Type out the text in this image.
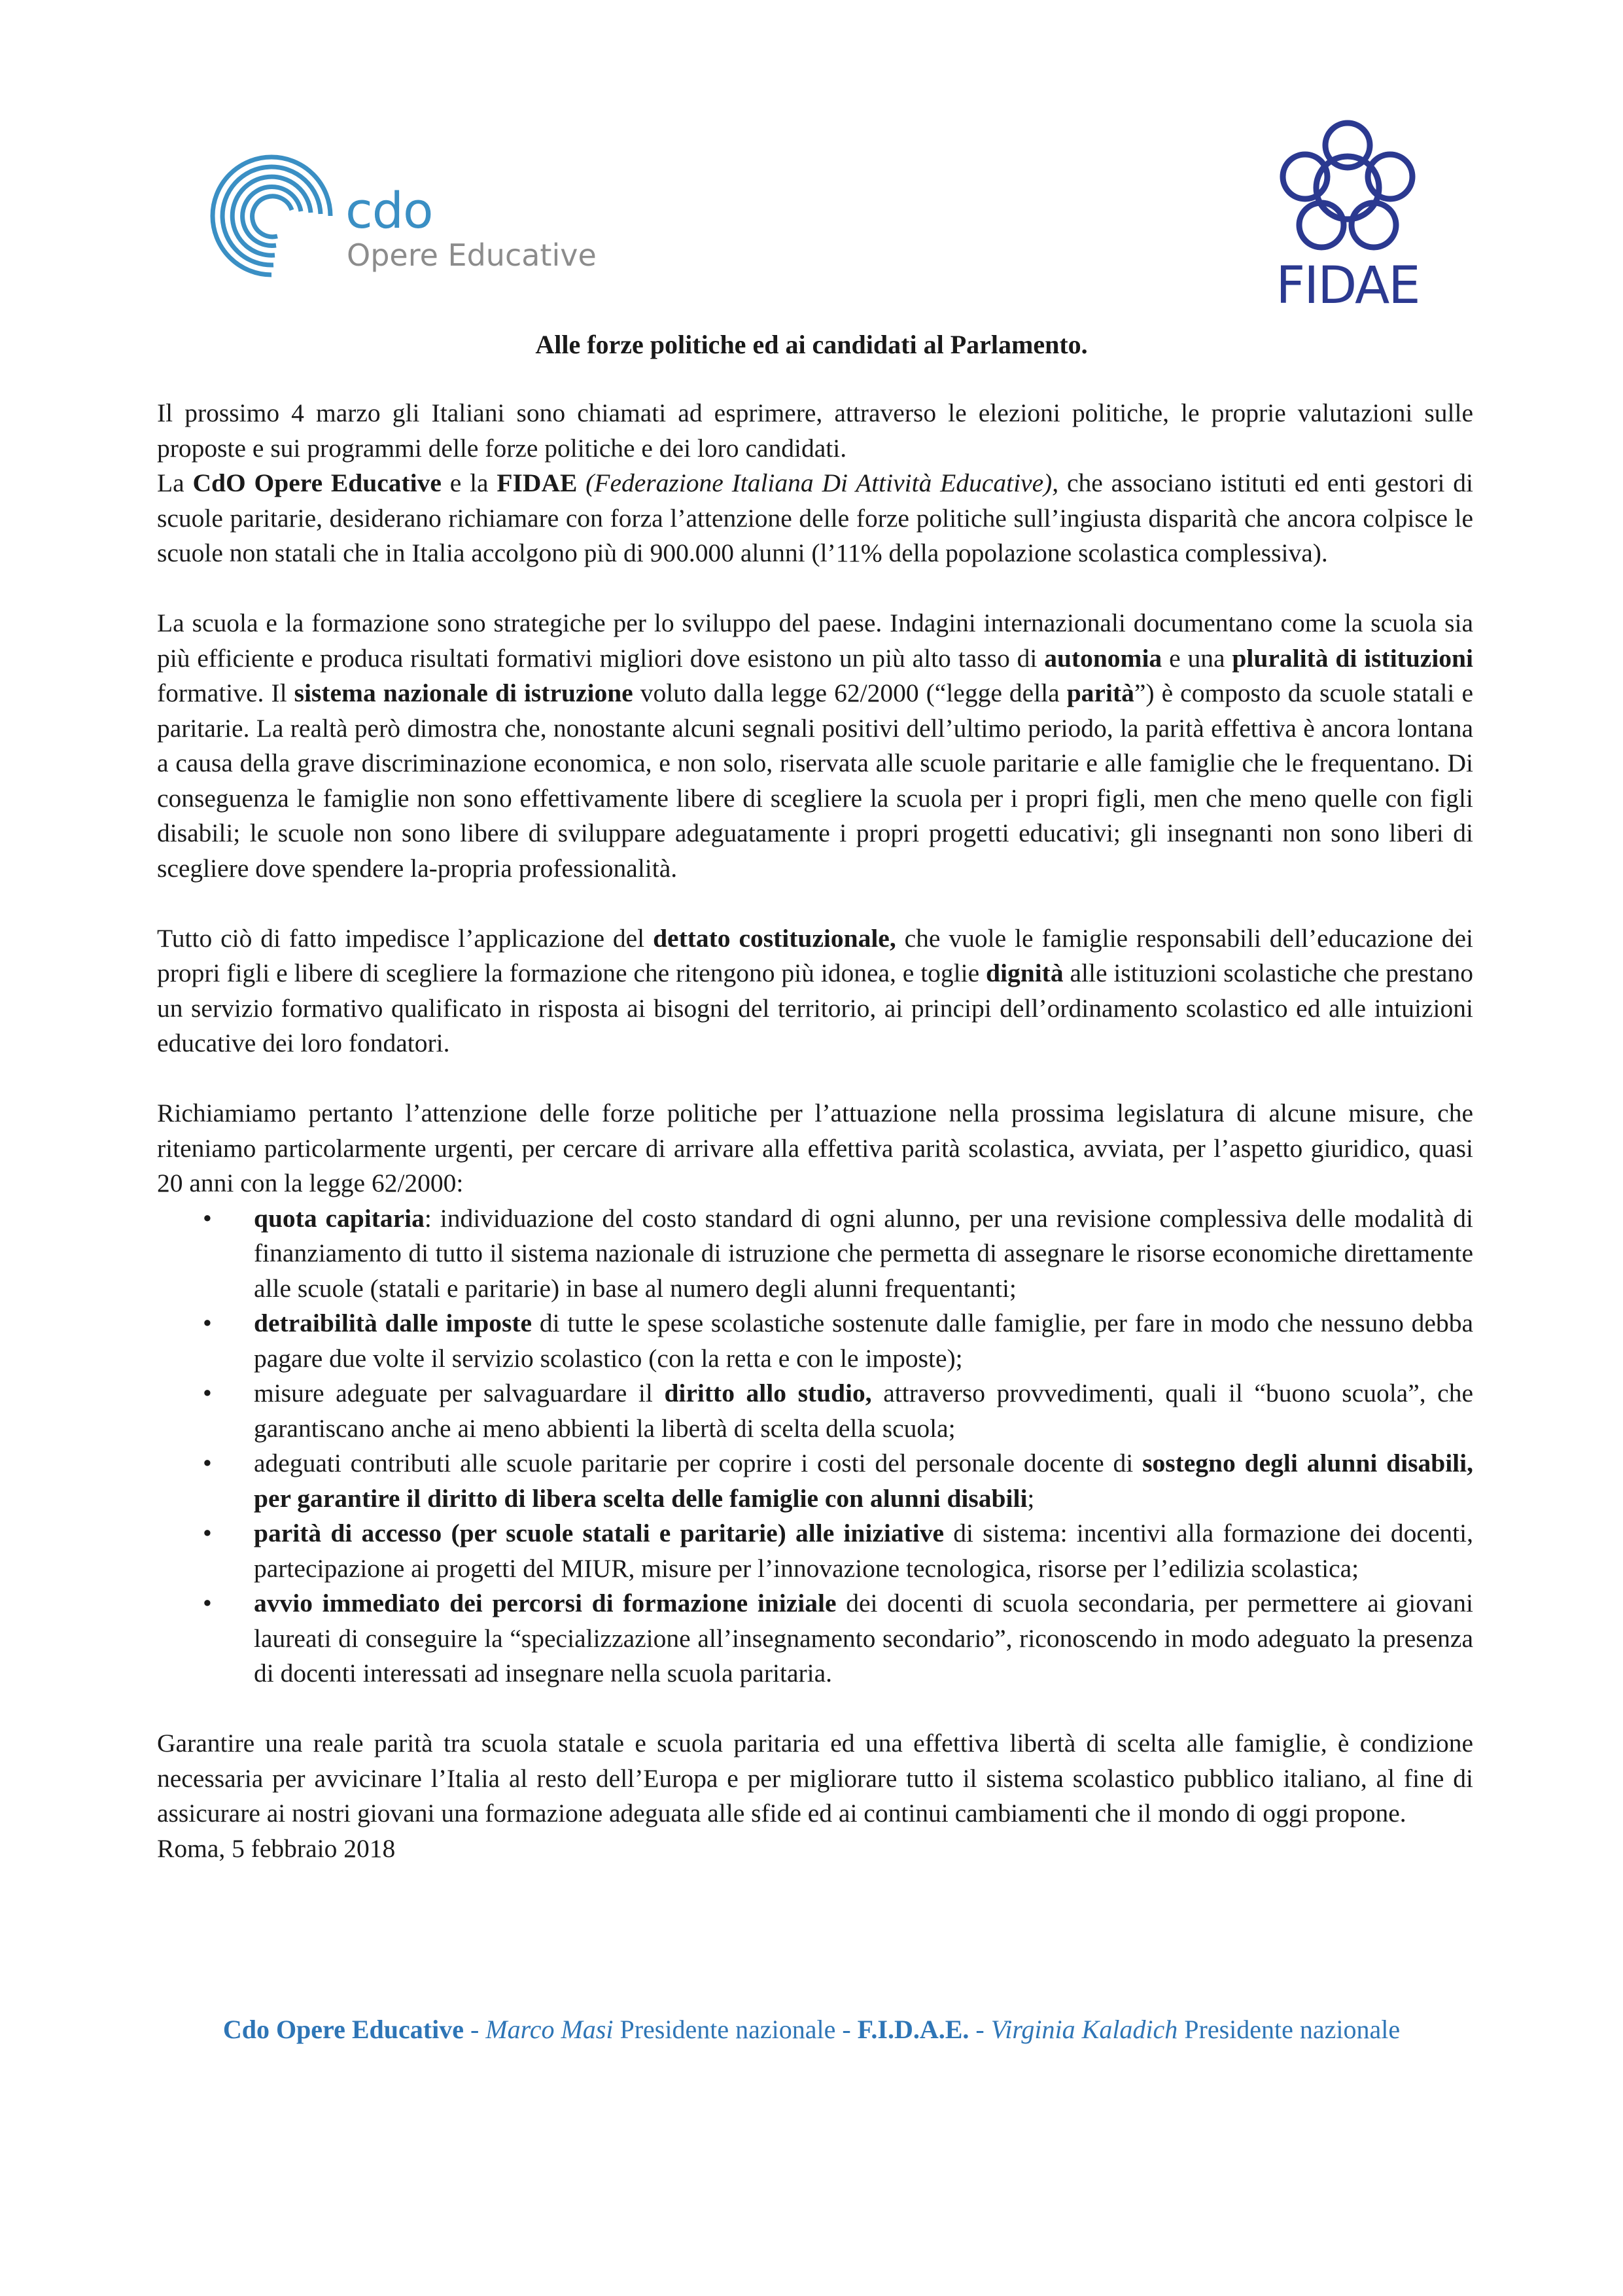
cdo
Opere Educative
FIDAE
Alle forze politiche ed ai candidati al Parlamento.

Il prossimo 4 marzo gli Italiani sono chiamati ad esprimere, attraverso le elezioni politiche, le proprie valutazioni sulle proposte e sui programmi delle forze politiche e dei loro candidati.

La CdO Opere Educative e la FIDAE (Federazione Italiana Di Attività Educative), che associano istituti ed enti gestori di scuole paritarie, desiderano richiamare con forza l’attenzione delle forze politiche sull’ingiusta disparità che ancora colpisce le scuole non statali che in Italia accolgono più di 900.000 alunni (l’11% della popolazione scolastica complessiva).

La scuola e la formazione sono strategiche per lo sviluppo del paese. Indagini internazionali documentano come la scuola sia più efficiente e produca risultati formativi migliori dove esistono un più alto tasso di autonomia e una pluralità di istituzioni formative. Il sistema nazionale di istruzione voluto dalla legge 62/2000 (“legge della parità”) è composto da scuole statali e paritarie. La realtà però dimostra che, nonostante alcuni segnali positivi dell’ultimo periodo, la parità effettiva è ancora lontana a causa della grave discriminazione economica, e non solo, riservata alle scuole paritarie e alle famiglie che le frequentano. Di conseguenza le famiglie non sono effettivamente libere di scegliere la scuola per i propri figli, men che meno quelle con figli disabili; le scuole non sono libere di sviluppare adeguatamente i propri progetti educativi; gli insegnanti non sono liberi di scegliere dove spendere la-propria professionalità.

Tutto ciò di fatto impedisce l’applicazione del dettato costituzionale, che vuole le famiglie responsabili dell’educazione dei propri figli e libere di scegliere la formazione che ritengono più idonea, e toglie dignità alle istituzioni scolastiche che prestano un servizio formativo qualificato in risposta ai bisogni del territorio, ai principi dell’ordinamento scolastico ed alle intuizioni educative dei loro fondatori.

Richiamiamo pertanto l’attenzione delle forze politiche per l’attuazione nella prossima legislatura di alcune misure, che riteniamo particolarmente urgenti, per cercare di arrivare alla effettiva parità scolastica, avviata, per l’aspetto giuridico, quasi 20 anni con la legge 62/2000:

• quota capitaria: individuazione del costo standard di ogni alunno, per una revisione complessiva delle modalità di finanziamento di tutto il sistema nazionale di istruzione che permetta di assegnare le risorse economiche direttamente alle scuole (statali e paritarie) in base al numero degli alunni frequentanti;
• detraibilità dalle imposte di tutte le spese scolastiche sostenute dalle famiglie, per fare in modo che nessuno debba pagare due volte il servizio scolastico (con la retta e con le imposte);
• misure adeguate per salvaguardare il diritto allo studio, attraverso provvedimenti, quali il “buono scuola”, che garantiscano anche ai meno abbienti la libertà di scelta della scuola;
• adeguati contributi alle scuole paritarie per coprire i costi del personale docente di sostegno degli alunni disabili, per garantire il diritto di libera scelta delle famiglie con alunni disabili;
• parità di accesso (per scuole statali e paritarie) alle iniziative di sistema: incentivi alla formazione dei docenti, partecipazione ai progetti del MIUR, misure per l’innovazione tecnologica, risorse per l’edilizia scolastica;
• avvio immediato dei percorsi di formazione iniziale dei docenti di scuola secondaria, per permettere ai giovani laureati di conseguire la “specializzazione all’insegnamento secondario”, riconoscendo in modo adeguato la presenza di docenti interessati ad insegnare nella scuola paritaria.

Garantire una reale parità tra scuola statale e scuola paritaria ed una effettiva libertà di scelta alle famiglie, è condizione necessaria per avvicinare l’Italia al resto dell’Europa e per migliorare tutto il sistema scolastico pubblico italiano, al fine di assicurare ai nostri giovani una formazione adeguata alle sfide ed ai continui cambiamenti che il mondo di oggi propone.

Roma, 5 febbraio 2018

Cdo Opere Educative - Marco Masi Presidente nazionale - F.I.D.A.E. - Virginia Kaladich Presidente nazionale
